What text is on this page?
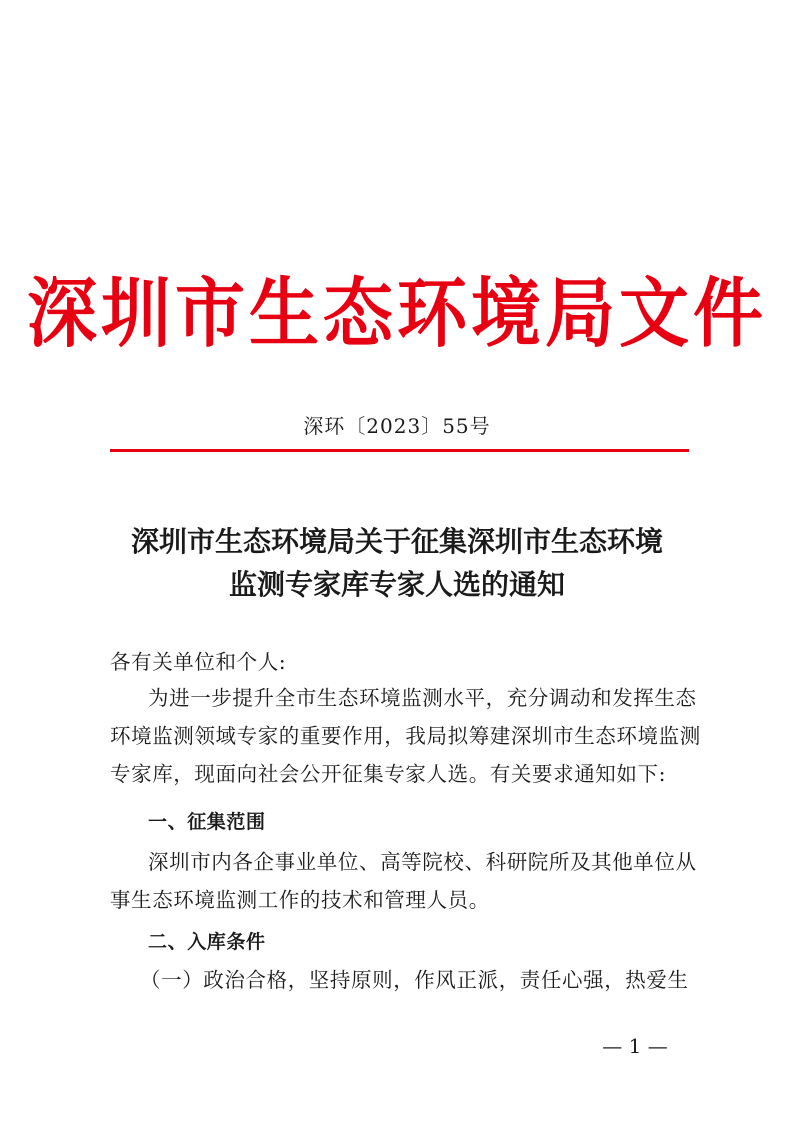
深圳市生态环境局文件
深环〔2023〕55号
深圳市生态环境局关于征集深圳市生态环境
监测专家库专家人选的通知
各有关单位和个人:
为进一步提升全市生态环境监测水平，充分调动和发挥生态
环境监测领域专家的重要作用，我局拟筹建深圳市生态环境监测
专家库，现面向社会公开征集专家人选。有关要求通知如下:
一、征集范围
深圳市内各企事业单位、高等院校、科研院所及其他单位从
事生态环境监测工作的技术和管理人员。
二、入库条件
（一）政治合格，坚持原则，作风正派，责任心强，热爱生
— 1 —
